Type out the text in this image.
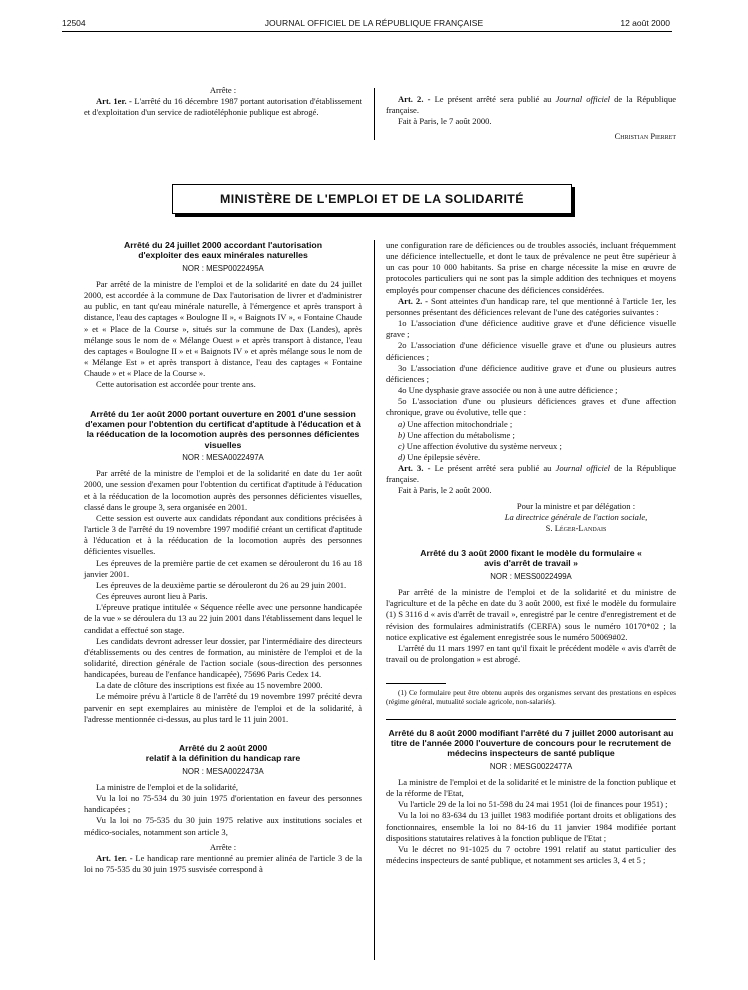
12504	JOURNAL OFFICIEL DE LA RÉPUBLIQUE FRANÇAISE	12 août 2000

Arrête :

Art. 1er. - L'arrêté du 16 décembre 1987 portant autorisation d'établissement et d'exploitation d'un service de radiotéléphonie publique est abrogé.

Art. 2. - Le présent arrêté sera publié au Journal officiel de la République française.

Fait à Paris, le 7 août 2000.

Christian Pierret

MINISTÈRE DE L'EMPLOI ET DE LA SOLIDARITÉ
Arrêté du 24 juillet 2000 accordant l'autorisation d'exploiter des eaux minérales naturelles
NOR : MESP0022495A

Par arrêté de la ministre de l'emploi et de la solidarité en date du 24 juillet 2000, est accordée à la commune de Dax l'autorisation de livrer et d'administrer au public, en tant qu'eau minérale naturelle, à l'émergence et après transport à distance, l'eau des captages « Boulogne II », « Baignots IV », « Fontaine Chaude » et « Place de la Course », situés sur la commune de Dax (Landes), après mélange sous le nom de « Mélange Ouest » et après transport à distance, l'eau des captages « Boulogne II » et « Baignots IV » et après mélange sous le nom de « Mélange Est » et après transport à distance, l'eau des captages « Fontaine Chaude » et « Place de la Course ».

Cette autorisation est accordée pour trente ans.

Arrêté du 1er août 2000 portant ouverture en 2001 d'une session d'examen pour l'obtention du certificat d'aptitude à l'éducation et à la rééducation de la locomotion auprès des personnes déficientes visuelles
NOR : MESA0022497A

Par arrêté de la ministre de l'emploi et de la solidarité en date du 1er août 2000, une session d'examen pour l'obtention du certificat d'aptitude à l'éducation et à la rééducation de la locomotion auprès des personnes déficientes visuelles, classé dans le groupe 3, sera organisée en 2001.

Cette session est ouverte aux candidats répondant aux conditions précisées à l'article 3 de l'arrêté du 19 novembre 1997 modifié créant un certificat d'aptitude à l'éducation et à la rééducation de la locomotion auprès des personnes déficientes visuelles.

Les épreuves de la première partie de cet examen se dérouleront du 16 au 18 janvier 2001.

Les épreuves de la deuxième partie se dérouleront du 26 au 29 juin 2001.

Ces épreuves auront lieu à Paris.

L'épreuve pratique intitulée « Séquence réelle avec une personne handicapée de la vue » se déroulera du 13 au 22 juin 2001 dans l'établissement dans lequel le candidat a effectué son stage.

Les candidats devront adresser leur dossier, par l'intermédiaire des directeurs d'établissements ou des centres de formation, au ministère de l'emploi et de la solidarité, direction générale de l'action sociale (sous-direction des personnes handicapées, bureau de l'enfance handicapée), 75696 Paris Cedex 14.

La date de clôture des inscriptions est fixée au 15 novembre 2000.

Le mémoire prévu à l'article 8 de l'arrêté du 19 novembre 1997 précité devra parvenir en sept exemplaires au ministère de l'emploi et de la solidarité, à l'adresse mentionnée ci-dessus, au plus tard le 11 juin 2001.

Arrêté du 2 août 2000
relatif à la définition du handicap rare
NOR : MESA0022473A

La ministre de l'emploi et de la solidarité,

Vu la loi no 75-534 du 30 juin 1975 d'orientation en faveur des personnes handicapées ;

Vu la loi no 75-535 du 30 juin 1975 relative aux institutions sociales et médico-sociales, notamment son article 3,

Arrête :

Art. 1er. - Le handicap rare mentionné au premier alinéa de l'article 3 de la loi no 75-535 du 30 juin 1975 susvisée correspond à

une configuration rare de déficiences ou de troubles associés, incluant fréquemment une déficience intellectuelle, et dont le taux de prévalence ne peut être supérieur à un cas pour 10 000 habitants. Sa prise en charge nécessite la mise en œuvre de protocoles particuliers qui ne sont pas la simple addition des techniques et moyens employés pour compenser chacune des déficiences considérées.

Art. 2. - Sont atteintes d'un handicap rare, tel que mentionné à l'article 1er, les personnes présentant des déficiences relevant de l'une des catégories suivantes :

1o L'association d'une déficience auditive grave et d'une déficience visuelle grave ;

2o L'association d'une déficience visuelle grave et d'une ou plusieurs autres déficiences ;

3o L'association d'une déficience auditive grave et d'une ou plusieurs autres déficiences ;

4o Une dysphasie grave associée ou non à une autre déficience ;

5o L'association d'une ou plusieurs déficiences graves et d'une affection chronique, grave ou évolutive, telle que :

a) Une affection mitochondriale ;

b) Une affection du métabolisme ;

c) Une affection évolutive du système nerveux ;

d) Une épilepsie sévère.

Art. 3. - Le présent arrêté sera publié au Journal officiel de la République française.

Fait à Paris, le 2 août 2000.

Pour la ministre et par délégation :
La directrice générale de l'action sociale,
S. Léger-Landais
Arrêté du 3 août 2000 fixant le modèle du formulaire « avis d'arrêt de travail »
NOR : MESS0022499A

Par arrêté de la ministre de l'emploi et de la solidarité et du ministre de l'agriculture et de la pêche en date du 3 août 2000, est fixé le modèle du formulaire (1) S 3116 d « avis d'arrêt de travail », enregistré par le centre d'enregistrement et de révision des formulaires administratifs (CERFA) sous le numéro 10170*02 ; la notice explicative est également enregistrée sous le numéro 50069#02.

L'arrêté du 11 mars 1997 en tant qu'il fixait le précédent modèle « avis d'arrêt de travail ou de prolongation » est abrogé.

(1) Ce formulaire peut être obtenu auprès des organismes servant des prestations en espèces (régime général, mutualité sociale agricole, non-salariés).

Arrêté du 8 août 2000 modifiant l'arrêté du 7 juillet 2000 autorisant au titre de l'année 2000 l'ouverture de concours pour le recrutement de médecins inspecteurs de santé publique
NOR : MESG0022477A

La ministre de l'emploi et de la solidarité et le ministre de la fonction publique et de la réforme de l'Etat,

Vu l'article 29 de la loi no 51-598 du 24 mai 1951 (loi de finances pour 1951) ;

Vu la loi no 83-634 du 13 juillet 1983 modifiée portant droits et obligations des fonctionnaires, ensemble la loi no 84-16 du 11 janvier 1984 modifiée portant dispositions statutaires relatives à la fonction publique de l'Etat ;

Vu le décret no 91-1025 du 7 octobre 1991 relatif au statut particulier des médecins inspecteurs de santé publique, et notamment ses articles 3, 4 et 5 ;
